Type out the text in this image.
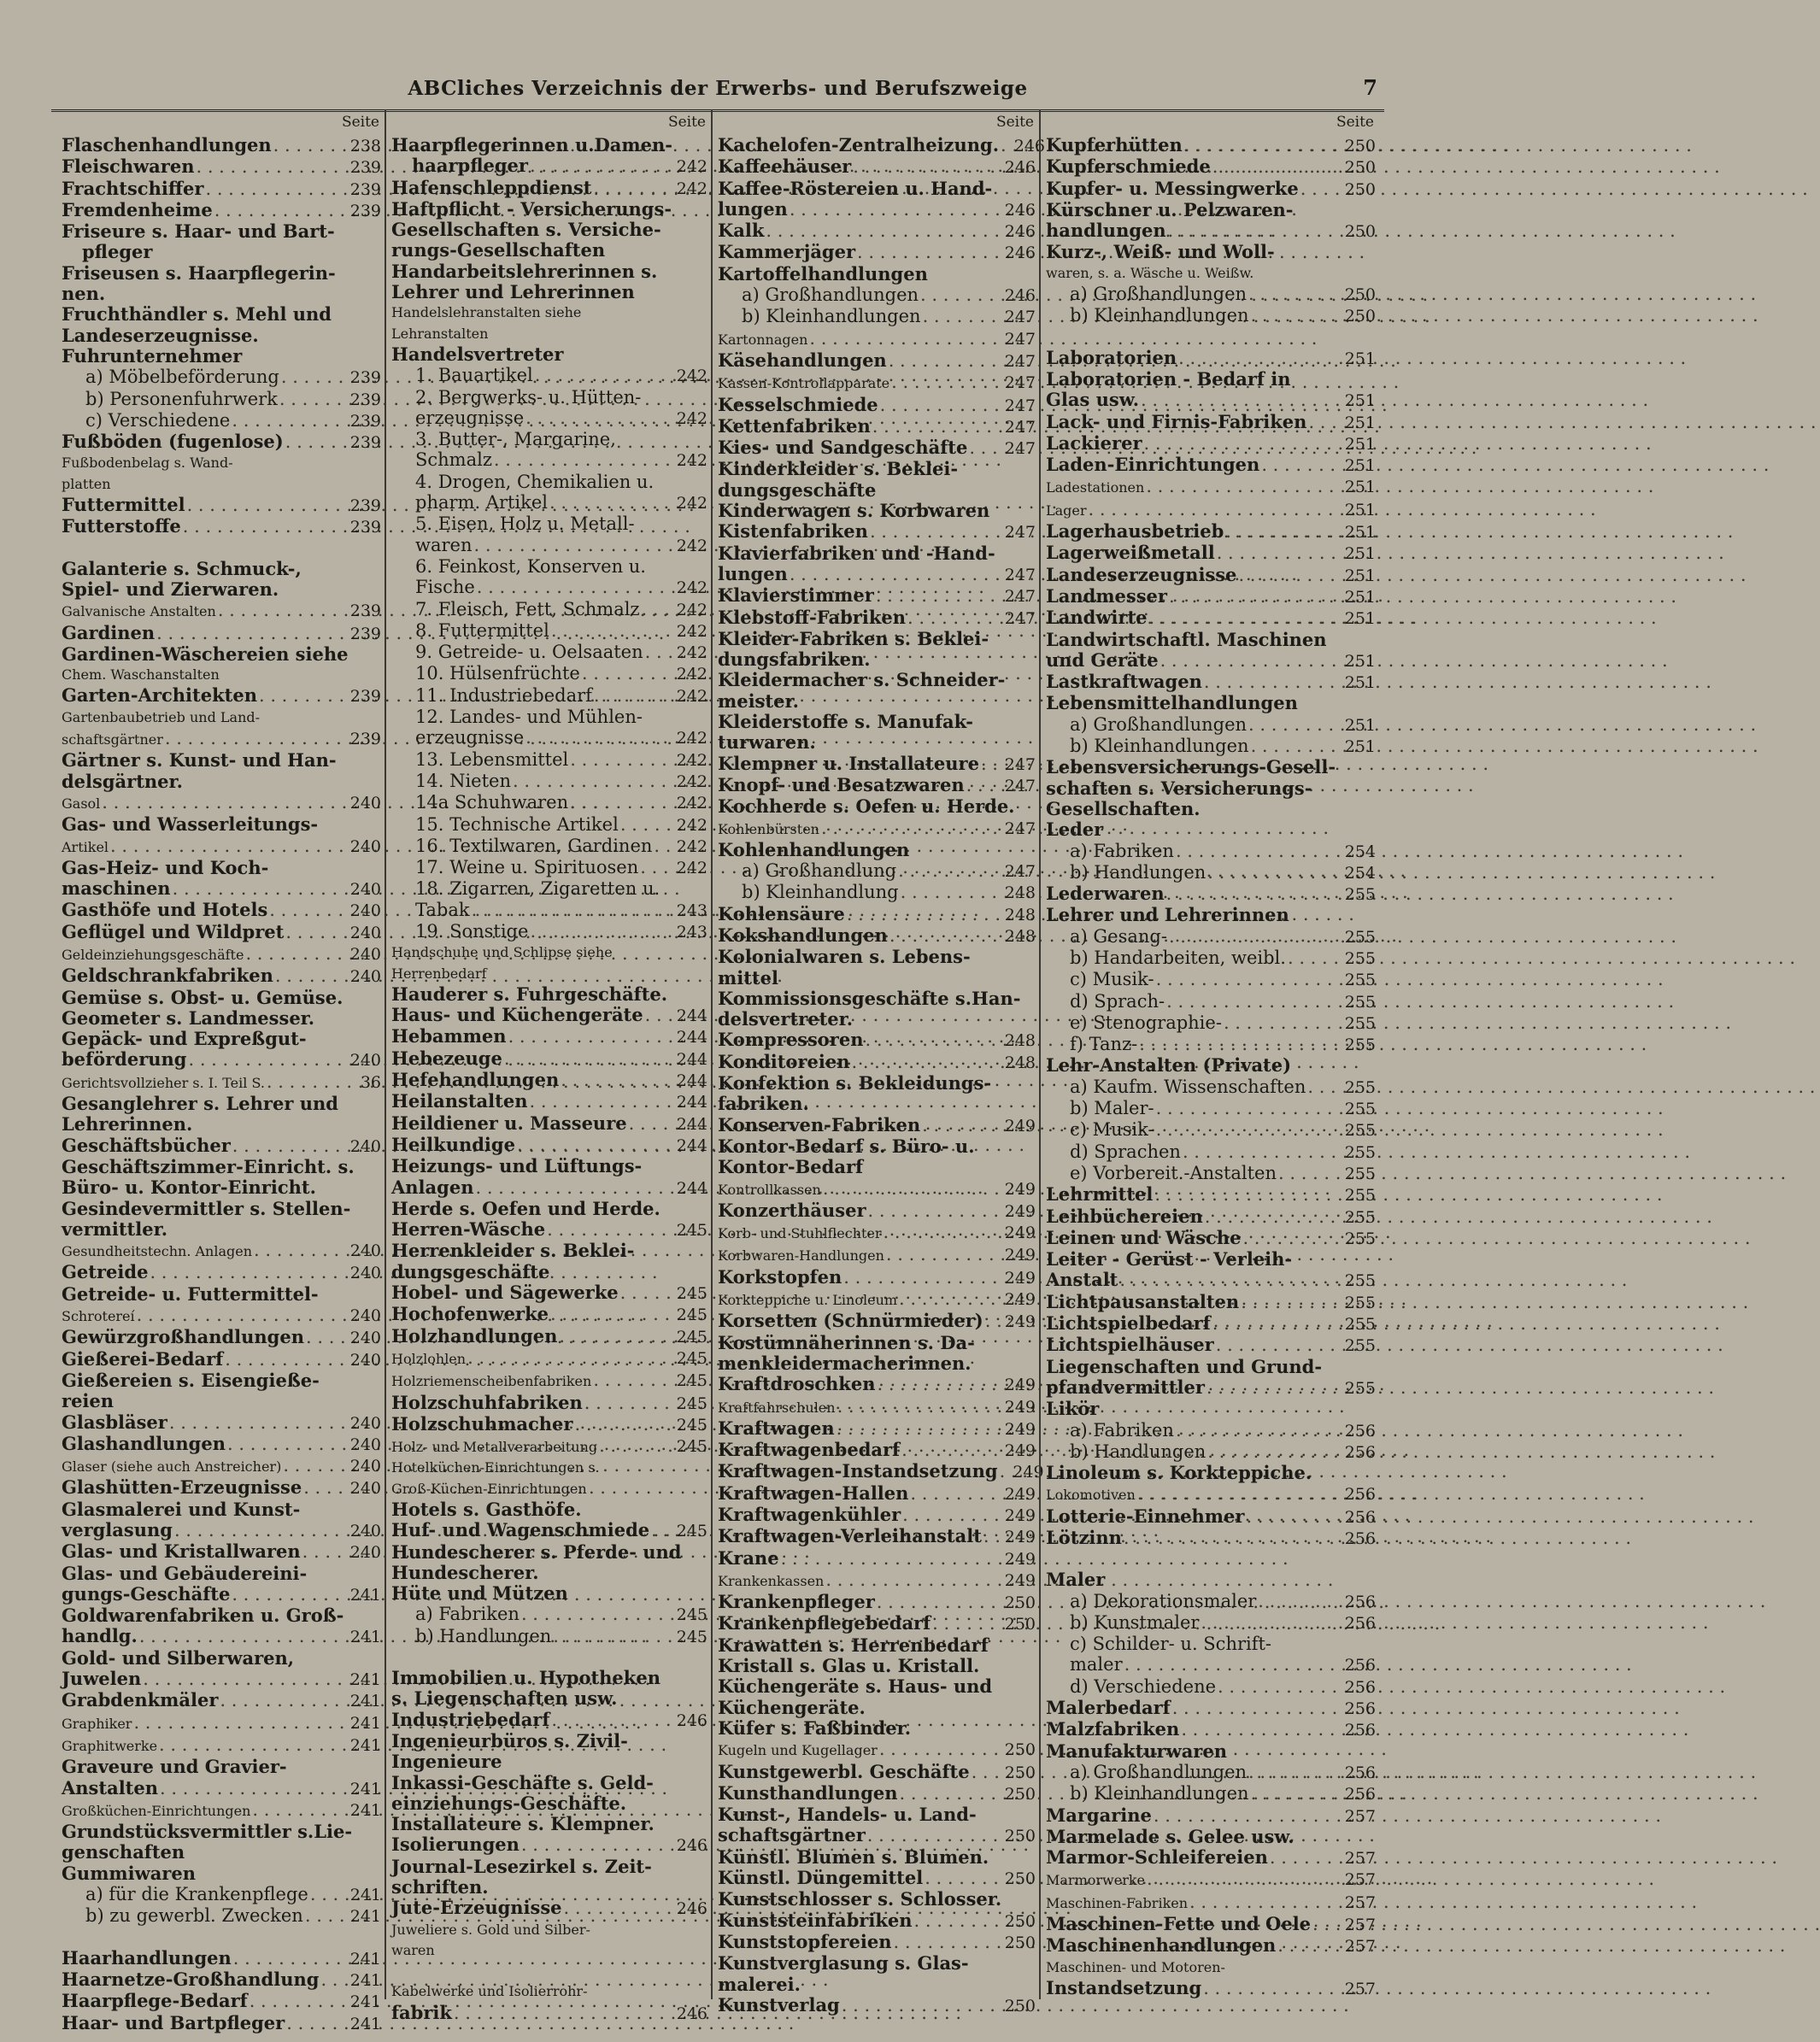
ABCliches Verzeichnis der Erwerbs- und Berufszweige	7
Seite
Flaschenhandlungen . . .	238
Fleischwaren . . .	239
Frachtschiffer . . .	239
Fremdenheime . . .	239
Friseure s. Haar- und Bart-
pfleger
Friseusen s. Haarpflegerin-
nen.
Fruchthändler s. Mehl und
Landeserzeugnisse.
Fuhrunternehmer
a) Möbelbeförderung . . .	239
b) Personenfuhrwerk . . .	239
c) Verschiedene . . .	239
Fußböden (fugenlose) . . .	239
Fußbodenbelag s. Wand-
platten
Futtermittel . . .	239
Futterstoffe . . .	239
Galanterie s. Schmuck-,
Spiel- und Zierwaren.
Galvanische Anstalten . . .	239
Gardinen . . .	239
Gardinen-Wäschereien siehe
Chem. Waschanstalten
Garten-Architekten . . .	239
Gartenbaubetrieb und Land-
schaftsgärtner . . .	239
Gärtner s. Kunst- und Han-
delsgärtner.
Gasol . . .	240
Gas- und Wasserleitungs-
Artikel . . .	240
Gas-Heiz- und Koch-
maschinen . . .	240
Gasthöfe und Hotels . . .	240
Geflügel und Wildpret . . .	240
Geldeinziehungsgeschäfte . . .	240
Geldschrankfabriken . . .	240
Gemüse s. Obst- u. Gemüse.
Geometer s. Landmesser.
Gepäck- und Expreßgut-
beförderung . . .	240
Gerichtsvollzieher s. I. Teil S. . . .	36
Gesanglehrer s. Lehrer und
Lehrerinnen.
Geschäftsbücher . . .	240
Geschäftszimmer-Einricht. s.
Büro- u. Kontor-Einricht.
Gesindevermittler s. Stellen-
vermittler.
Gesundheitstechn. Anlagen . . .	240
Getreide . . .	240
Getreide- u. Futtermittel-
Schrotereí . . .	240
Gewürzgroßhandlungen . . .	240
Gießerei-Bedarf . . .	240
Gießereien s. Eisengieße-
reien
Glasbläser . . .	240
Glashandlungen . . .	240
Glaser (siehe auch Anstreicher) . . .	240
Glashütten-Erzeugnisse . . .	240
Glasmalerei und Kunst-
verglasung . . .	240
Glas- und Kristallwaren . . .	240
Glas- und Gebäudereini-
gungs-Geschäfte . . .	241
Goldwarenfabriken u. Groß-
handlg. . . .	241
Gold- und Silberwaren,
Juwelen . . .	241
Grabdenkmäler . . .	241
Graphiker . . .	241
Graphitwerke . . .	241
Graveure und Gravier-
Anstalten . . .	241
Großküchen-Einrichtungen . . .	241
Grundstücksvermittler s.Lie-
genschaften
Gummiwaren
a) für die Krankenpflege . . .	241
b) zu gewerbl. Zwecken . . .	241
Haarhandlungen . . .	241
Haarnetze-Großhandlung . . .	241
Haarpflege-Bedarf . . .	241
Haar- und Bartpfleger . . .	241
Seite
Haarpflegerinnen u.Damen-
haarpfleger . . .	242
Hafenschleppdienst . . .	242
Haftpflicht - Versicherungs-
Gesellschaften s. Versiche-
rungs-Gesellschaften
Handarbeitslehrerinnen s.
Lehrer und Lehrerinnen
Handelslehranstalten siehe
Lehranstalten
Handelsvertreter
1. Bauartikel . . .	242
2. Bergwerks- u. Hütten-
erzeugnisse . . .	242
3. Butter-, Margarine,
Schmalz . . .	242
4. Drogen, Chemikalien u.
pharm. Artikel . . .	242
5. Eisen, Holz u. Metall-
waren . . .	242
6. Feinkost, Konserven u.
Fische . . .	242
7. Fleisch, Fett, Schmalz . . .	242
8. Futtermittel . . .	242
9. Getreide- u. Oelsaaten . . .	242
10. Hülsenfrüchte . . .	242
11. Industriebedarf . . .	242
12. Landes- und Mühlen-
erzeugnisse . . .	242
13. Lebensmittel . . .	242
14. Nieten . . .	242
14a Schuhwaren . . .	242
15. Technische Artikel . . .	242
16. Textilwaren, Gardinen . . .	242
17. Weine u. Spirituosen . . .	242
18. Zigarren, Zigaretten u.
Tabak . . .	243
19. Sonstige . . .	243
Handschuhe und Schlipse siehe
Herrenbedarf
Hauderer s. Fuhrgeschäfte.
Haus- und Küchengeräte . . .	244
Hebammen . . .	244
Hebezeuge . . .	244
Hefehandlungen . . .	244
Heilanstalten . . .	244
Heildiener u. Masseure . . .	244
Heilkundige . . .	244
Heizungs- und Lüftungs-
Anlagen . . .	244
Herde s. Oefen und Herde.
Herren-Wäsche . . .	245
Herrenkleider s. Beklei-
dungsgeschäfte
Hobel- und Sägewerke . . .	245
Hochofenwerke . . .	245
Holzhandlungen . . .	245
Holzlohlen . . .	245
Holzriemenscheibenfabriken . . .	245
Holzschuhfabriken . . .	245
Holzschuhmacher . . .	245
Holz- und Metallverarbeitung . . .	245
Hotelküchen-Einrichtungen s.
Groß-Küchen-Einrichtungen
Hotels s. Gasthöfe.
Huf- und Wagenschmiede . . .	245
Hundescherer s. Pferde- und
Hundescherer.
Hüte und Mützen
a) Fabriken . . .	245
b) Handlungen . . .	245
Immobilien u. Hypotheken
s. Liegenschaften usw.
Industriebedarf . . .	246
Ingenieurbüros s. Zivil-
Ingenieure
Inkassi-Geschäfte s. Geld-
einziehungs-Geschäfte.
Installateure s. Klempner.
Isolierungen . . .	246
Journal-Lesezirkel s. Zeit-
schriften.
Jute-Erzeugnisse . . .	246
Juweliere s. Gold und Silber-
waren
Kabelwerke und Isolierrohr-
fabrik . . .	246
Seite
Kachelofen-Zentralheizung. . . . 246
Kaffeehäuser . . .	246
Kaffee-Röstereien u. Hand-
lungen . . .	246
Kalk . . .	246
Kammerjäger . . .	246
Kartoffelhandlungen
a) Großhandlungen . . .	246
b) Kleinhandlungen . . .	247
Kartonnagen . . .	247
Käsehandlungen . . .	247
Kassen-Kontrollapparate . . .	247
Kesselschmiede . . .	247
Kettenfabriken . . .	247
Kies- und Sandgeschäfte . . .	247
Kinderkleider s. Beklei-
dungsgeschäfte
Kinderwagen s. Korbwaren
Kistenfabriken . . .	247
Klavierfabriken und -Hand-
lungen . . .	247
Klavierstimmer . . .	247
Klebstoff-Fabriken . . .	247
Kleider-Fabriken s. Beklei-
dungsfabriken.
Kleidermacher s. Schneider-
meister.
Kleiderstoffe s. Manufak-
turwaren.
Klempner u. Installateure . . .	247
Knopf- und Besatzwaren . . .	247
Kochherde s. Oefen u. Herde.
Kohlenbürsten . . .	247
Kohlenhandlungen
a) Großhandlung . . .	247
b) Kleinhandlung . . .	248
Kohlensäure . . .	248
Kokshandlungen . . .	248
Kolonialwaren s. Lebens-
mittel
Kommissionsgeschäfte s.Han-
delsvertreter.
Kompressoren . . .	248
Konditoreien . . .	248
Konfektion s. Bekleidungs-
fabriken.
Konserven-Fabriken . . .	249
Kontor-Bedarf s. Büro- u.
Kontor-Bedarf
Kontrollkassen . . .	249
Konzerthäuser . . .	249
Korb- und Stuhlflechter . . .	249
Korbwaren-Handlungen . . .	249
Korkstopfen . . .	249
Korkteppiche u. Linoleum . . .	249
Korsetten (Schnürmieder) . . .	249
Kostümnäherinnen s. Da-
menkleidermacherinnen.
Kraftdroschken . . .	249
Kraftfahrschulen . . .	249
Kraftwagen . . .	249
Kraftwagenbedarf . . .	249
Kraftwagen-Instandsetzung . . . 249
Kraftwagen-Hallen . . .	249
Kraftwagenkühler . . .	249
Kraftwagen-Verleihanstalt . . .	249
Krane . . .	249
Krankenkassen . . .	249
Krankenpfleger . . .	250
Krankenpflegebedarf . . .	250
Krawatten s. Herrenbedarf
Kristall s. Glas u. Kristall.
Küchengeräte s. Haus- und
Küchengeräte.
Küfer s. Faßbinder.
Kugeln und Kugellager . . .	250
Kunstgewerbl. Geschäfte . . .	250
Kunsthandlungen . . .	250
Kunst-, Handels- u. Land-
schaftsgärtner . . .	250
Künstl. Blumen s. Blumen.
Künstl. Düngemittel . . .	250
Kunstschlosser s. Schlosser.
Kunststeinfabriken . . .	250
Kunststopfereien . . .	250
Kunstverglasung s. Glas-
malerei.
Kunstverlag . . .	250
Seite
Kupferhütten . . .	250
Kupferschmiede . . .	250
Kupfer- u. Messingwerke . . .	250
Kürschner u. Pelzwaren-
handlungen . . .	250
Kurz-, Weiß- und Woll-
waren, s. a. Wäsche u. Weißw.
a) Großhandlungen . . .	250
b) Kleinhandlungen . . .	250
Laboratorien . . .	251
Laboratorien - Bedarf in
Glas usw. . . .	251
Lack- und Firnis-Fabriken . . .	251
Lackierer . . .	251
Laden-Einrichtungen . . .	251
Ladestationen . . .	251
Lager . . .	251
Lagerhausbetrieb . . .	251
Lagerweißmetall . . .	251
Landeserzeugnisse . . .	251
Landmesser . . .	251
Landwirte . . .	251
Landwirtschaftl. Maschinen
und Geräte . . .	251
Lastkraftwagen . . .	251
Lebensmittelhandlungen
a) Großhandlungen . . .	251
b) Kleinhandlungen . . .	251
Lebensversicherungs-Gesell-
schaften s. Versicherungs-
Gesellschaften.
Leder
a) Fabriken . . .	254
b) Handlungen . . .	254
Lederwaren . . .	255
Lehrer und Lehrerinnen
a) Gesang- . . .	255
b) Handarbeiten, weibl. . . .	255
c) Musik- . . .	255
d) Sprach- . . .	255
e) Stenographie- . . .	255
f) Tanz- . . .	255
Lehr-Anstalten (Private)
a) Kaufm. Wissenschaften . . .	255
b) Maler- . . .	255
c) Musik- . . .	255
d) Sprachen . . .	255
e) Vorbereit.-Anstalten . . .	255
Lehrmittel . . .	255
Leihbüchereien . . .	255
Leinen und Wäsche . . .	255
Leiter - Gerüst - Verleih-
Anstalt . . .	255
Lichtpausanstalten . . .	255
Lichtspielbedarf . . .	255
Lichtspielhäuser . . .	255
Liegenschaften und Grund-
pfandvermittler . . .	255
Likör
a) Fabriken . . .	256
b) Handlungen . . .	256
Linoleum s. Korkteppiche.
Lokomotiven . . .	256
Lotterie-Einnehmer . . .	256
Lötzinn . . .	256
Maler
a) Dekorationsmaler . . .	256
b) Kunstmaler . . .	256
c) Schilder- u. Schrift-
maler . . .	256
d) Verschiedene . . .	256
Malerbedarf . . .	256
Malzfabriken . . .	256
Manufakturwaren
a) Großhandlungen . . .	256
b) Kleinhandlungen . . .	256
Margarine . . .	257
Marmelade s. Gelee usw.
Marmor-Schleifereien . . .	257
Marmorwerke . . .	257
Maschinen-Fabriken . . .	257
Maschinen-Fette und Oele . . .	257
Maschinenhandlungen . . .	257
Maschinen- und Motoren-
Instandsetzung . . .	257
